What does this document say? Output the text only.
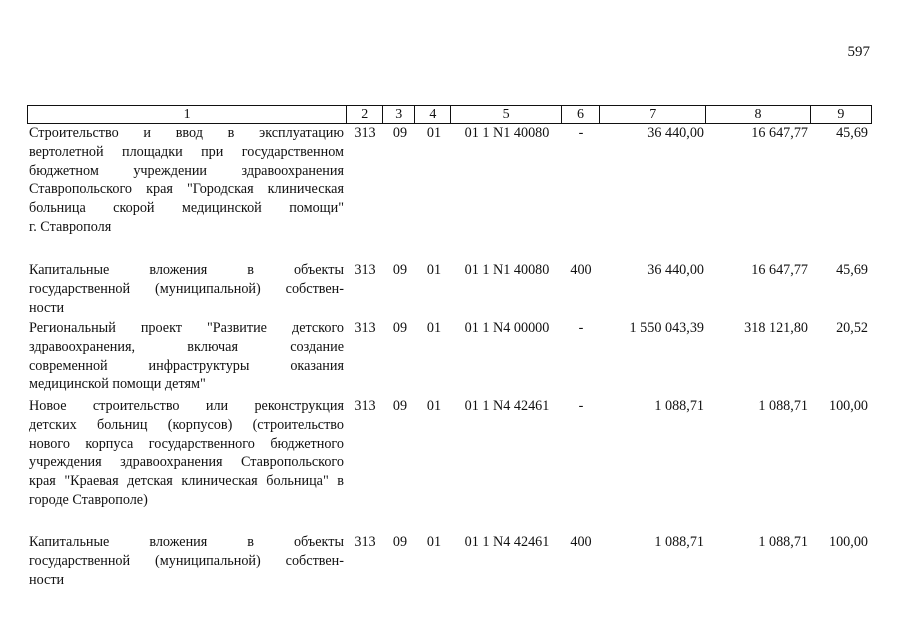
597
1	2	3	4	5	6	7	8	9
Строительство и ввод в эксплуатацию
вертолетной площадки при государственном
бюджетном учреждении здравоохранения
Ставропольского края "Городская клиническая
больница скорой медицинской помощи"
г. Ставрополя
313	09	01	01 1 N1 40080	-	36 440,00	16 647,77	45,69
Капитальные вложения в объекты
государственной (муниципальной) собствен-
ности
313	09	01	01 1 N1 40080	400	36 440,00	16 647,77	45,69
Региональный проект "Развитие детского
здравоохранения, включая создание
современной инфраструктуры оказания
медицинской помощи детям"
313	09	01	01 1 N4 00000	-	1 550 043,39	318 121,80	20,52
Новое строительство или реконструкция
детских больниц (корпусов) (строительство
нового корпуса государственного бюджетного
учреждения здравоохранения Ставропольского
края "Краевая детская клиническая больница" в
городе Ставрополе)
313	09	01	01 1 N4 42461	-	1 088,71	1 088,71	100,00
Капитальные вложения в объекты
государственной (муниципальной) собствен-
ности
313	09	01	01 1 N4 42461	400	1 088,71	1 088,71	100,00
